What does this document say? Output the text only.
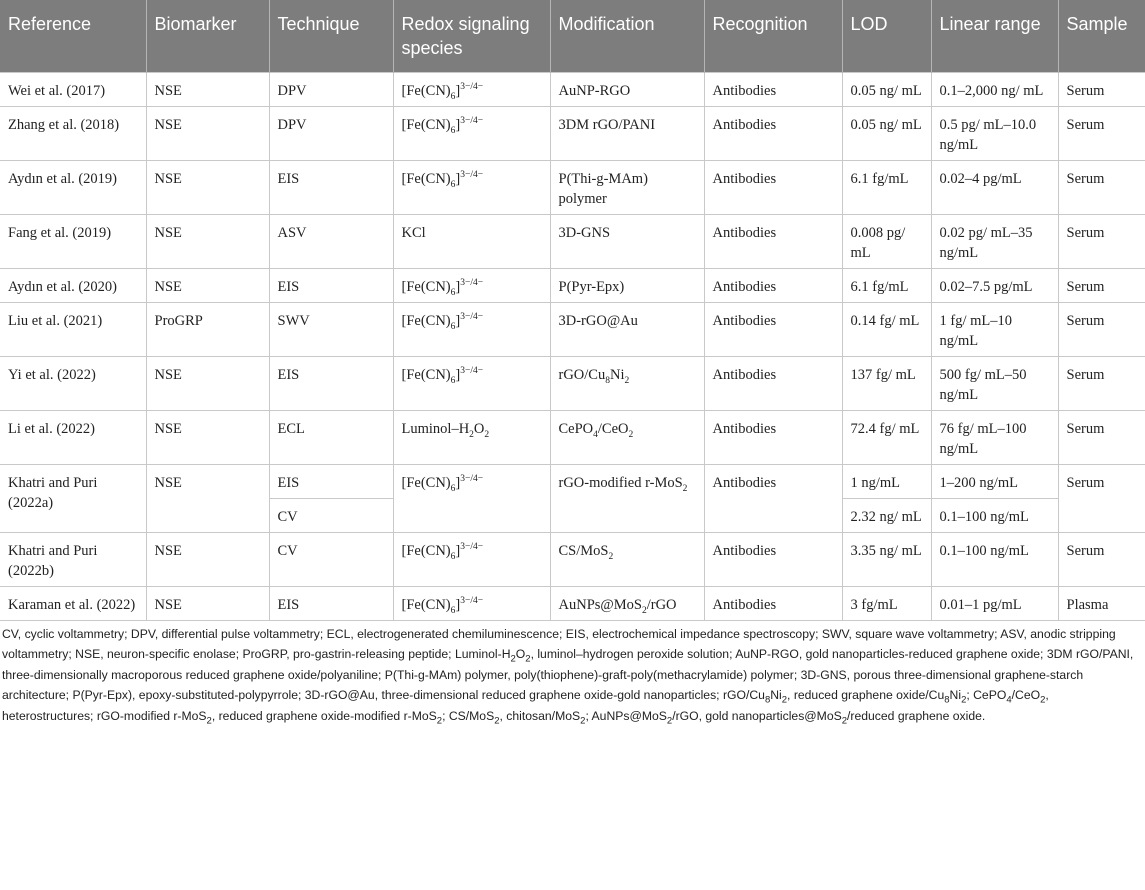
Reference	Biomarker	Technique	Redox signaling species	Modification	Recognition	LOD	Linear range	Sample
Wei et al. (2017)	NSE	DPV	$[Fe(CN)_6]^{3-/4-}$	AuNP-RGO	Antibodies	0.05 ng/ mL	0.1–2,000 ng/ mL	Serum
Zhang et al. (2018)	NSE	DPV	$[Fe(CN)_6]^{3-/4-}$	3DM rGO/PANI	Antibodies	0.05 ng/ mL	0.5 pg/ mL–10.0 ng/mL	Serum
Aydın et al. (2019)	NSE	EIS	$[Fe(CN)_6]^{3-/4-}$	P(Thi-g-MAm) polymer	Antibodies	6.1 fg/mL	0.02–4 pg/mL	Serum
Fang et al. (2019)	NSE	ASV	KCl	3D-GNS	Antibodies	0.008 pg/ mL	0.02 pg/ mL–35 ng/mL	Serum
Aydın et al. (2020)	NSE	EIS	$[Fe(CN)_6]^{3-/4-}$	P(Pyr-Epx)	Antibodies	6.1 fg/mL	0.02–7.5 pg/mL	Serum
Liu et al. (2021)	ProGRP	SWV	$[Fe(CN)_6]^{3-/4-}$	3D-rGO@Au	Antibodies	0.14 fg/ mL	1 fg/ mL–10 ng/mL	Serum
Yi et al. (2022)	NSE	EIS	$[Fe(CN)_6]^{3-/4-}$	rGO/$Cu_8Ni_2$	Antibodies	137 fg/ mL	500 fg/ mL–50 ng/mL	Serum
Li et al. (2022)	NSE	ECL	Luminol–$H_2O_2$	CePO$_4$/CeO$_2$	Antibodies	72.4 fg/ mL	76 fg/ mL–100 ng/mL	Serum
Khatri and Puri (2022a)	NSE	EIS	$[Fe(CN)_6]^{3-/4-}$	rGO-modified r-MoS$_2$	Antibodies	1 ng/mL	1–200 ng/mL	Serum
		CV				2.32 ng/ mL	0.1–100 ng/mL	
Khatri and Puri (2022b)	NSE	CV	$[Fe(CN)_6]^{3-/4-}$	CS/MoS$_2$	Antibodies	3.35 ng/ mL	0.1–100 ng/mL	Serum
Karaman et al. (2022)	NSE	EIS	$[Fe(CN)_6]^{3-/4-}$	AuNPs@MoS$_2$/rGO	Antibodies	3 fg/mL	0.01–1 pg/mL	Plasma
CV, cyclic voltammetry; DPV, differential pulse voltammetry; ECL, electrogenerated chemiluminescence; EIS, electrochemical impedance spectroscopy; SWV, square wave voltammetry; ASV, anodic stripping voltammetry; NSE, neuron-specific enolase; ProGRP, pro-gastrin-releasing peptide; Luminol-$H_2O_2$, luminol–hydrogen peroxide solution; AuNP-RGO, gold nanoparticles-reduced graphene oxide; 3DM rGO/PANI, three-dimensionally macroporous reduced graphene oxide/polyaniline; P(Thi-g-MAm) polymer, poly(thiophene)-graft-poly(methacrylamide) polymer; 3D-GNS, porous three-dimensional graphene-starch architecture; P(Pyr-Epx), epoxy-substituted-polypyrrole; 3D-rGO@Au, three-dimensional reduced graphene oxide-gold nanoparticles; rGO/$Cu_8Ni_2$, reduced graphene oxide/$Cu_8Ni_2$; CePO$_4$/CeO$_2$, heterostructures; rGO-modified r-MoS$_2$, reduced graphene oxide-modified r-MoS$_2$; CS/MoS$_2$, chitosan/MoS$_2$; AuNPs@MoS$_2$/rGO, gold nanoparticles@MoS$_2$/reduced graphene oxide.
